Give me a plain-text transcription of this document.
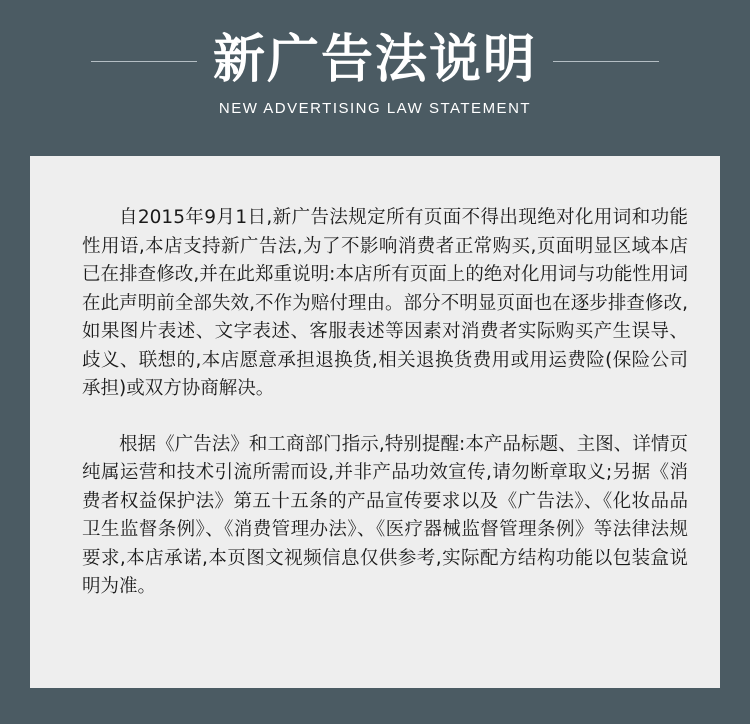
新广告法说明
NEW ADVERTISING LAW STATEMENT

自2015年9月1日,新广告法规定所有页面不得出现绝对化用词和功能性用语,本店支持新广告法,为了不影响消费者正常购买,页面明显区域本店已在排查修改,并在此郑重说明:本店所有页面上的绝对化用词与功能性用词在此声明前全部失效,不作为赔付理由。部分不明显页面也在逐步排查修改,如果图片表述、文字表述、客服表述等因素对消费者实际购买产生误导、歧义、联想的,本店愿意承担退换货,相关退换货费用或用运费险(保险公司承担)或双方协商解决。

根据《广告法》和工商部门指示,特别提醒:本产品标题、主图、详情页纯属运营和技术引流所需而设,并非产品功效宣传,请勿断章取义;另据《消费者权益保护法》第五十五条的产品宣传要求以及《广告法》、《化妆品品卫生监督条例》、《消费管理办法》、《医疗器械监督管理条例》等法律法规要求,本店承诺,本页图文视频信息仅供参考,实际配方结构功能以包装盒说明为准。
